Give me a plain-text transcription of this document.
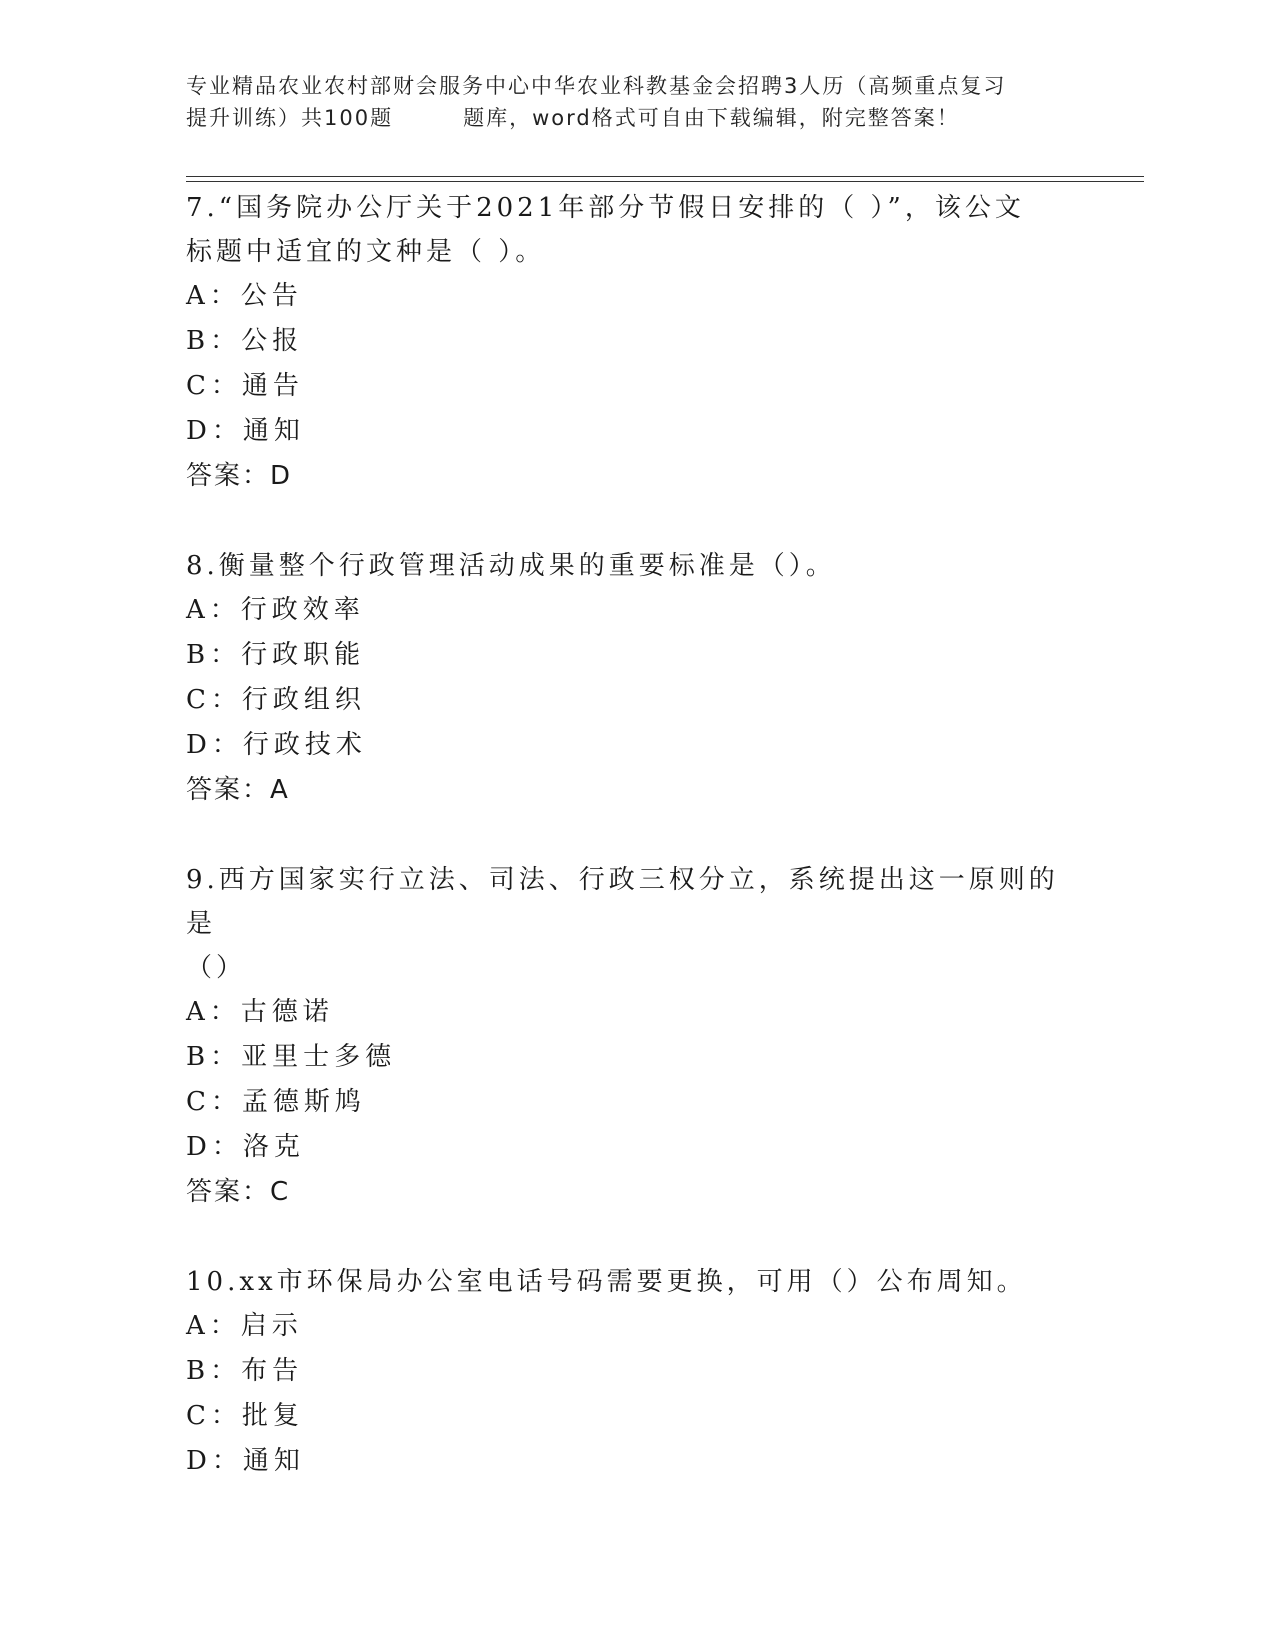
专业精品农业农村部财会服务中心中华农业科教基金会招聘3人历（高频重点复习
提升训练）共100题	题库，word格式可自由下载编辑，附完整答案！

7.“国务院办公厅关于2021年部分节假日安排的（ ）”，该公文

标题中适宜的文种是（ ）。

A：公告

B：公报

C：通告

D：通知

答案：D

8.衡量整个行政管理活动成果的重要标准是（）。

A：行政效率

B：行政职能

C：行政组织

D：行政技术

答案：A

9.西方国家实行立法、司法、行政三权分立，系统提出这一原则的是

（）

A：古德诺

B：亚里士多德

C：孟德斯鸠

D：洛克

答案：C

10.xx市环保局办公室电话号码需要更换，可用（）公布周知。

A：启示

B：布告

C：批复

D：通知
